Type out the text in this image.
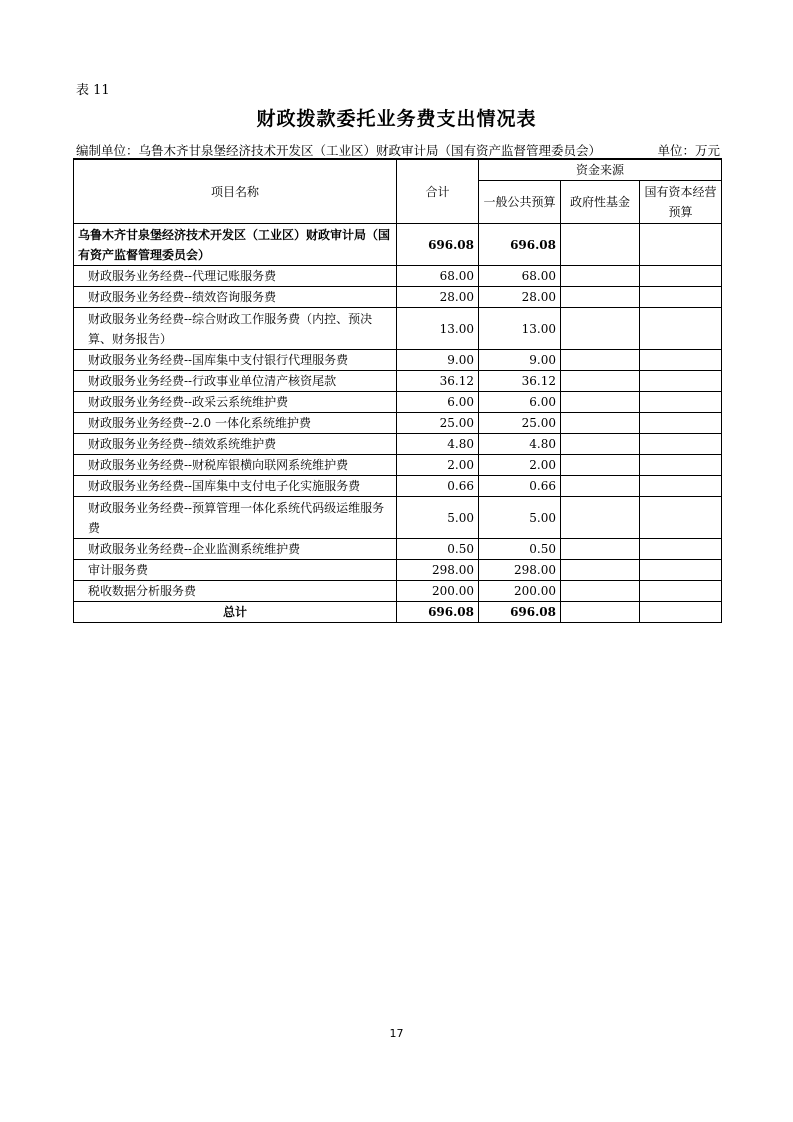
表 11
财政拨款委托业务费支出情况表
编制单位：乌鲁木齐甘泉堡经济技术开发区（工业区）财政审计局（国有资产监督管理委员会）	单位：万元
项目名称	合计	资金来源		
		一般公共预算	政府性基金	国有资本经营预算
乌鲁木齐甘泉堡经济技术开发区（工业区）财政审计局（国有资产监督管理委员会）	696.08	696.08		
财政服务业务经费--代理记账服务费	68.00	68.00		
财政服务业务经费--绩效咨询服务费	28.00	28.00		
财政服务业务经费--综合财政工作服务费（内控、预决算、财务报告）	13.00	13.00		
财政服务业务经费--国库集中支付银行代理服务费	9.00	9.00		
财政服务业务经费--行政事业单位清产核资尾款	36.12	36.12		
财政服务业务经费--政采云系统维护费	6.00	6.00		
财政服务业务经费--2.0 一体化系统维护费	25.00	25.00		
财政服务业务经费--绩效系统维护费	4.80	4.80		
财政服务业务经费--财税库银横向联网系统维护费	2.00	2.00		
财政服务业务经费--国库集中支付电子化实施服务费	0.66	0.66		
财政服务业务经费--预算管理一体化系统代码级运维服务费	5.00	5.00		
财政服务业务经费--企业监测系统维护费	0.50	0.50		
审计服务费	298.00	298.00		
税收数据分析服务费	200.00	200.00		
总计	696.08	696.08		
17
